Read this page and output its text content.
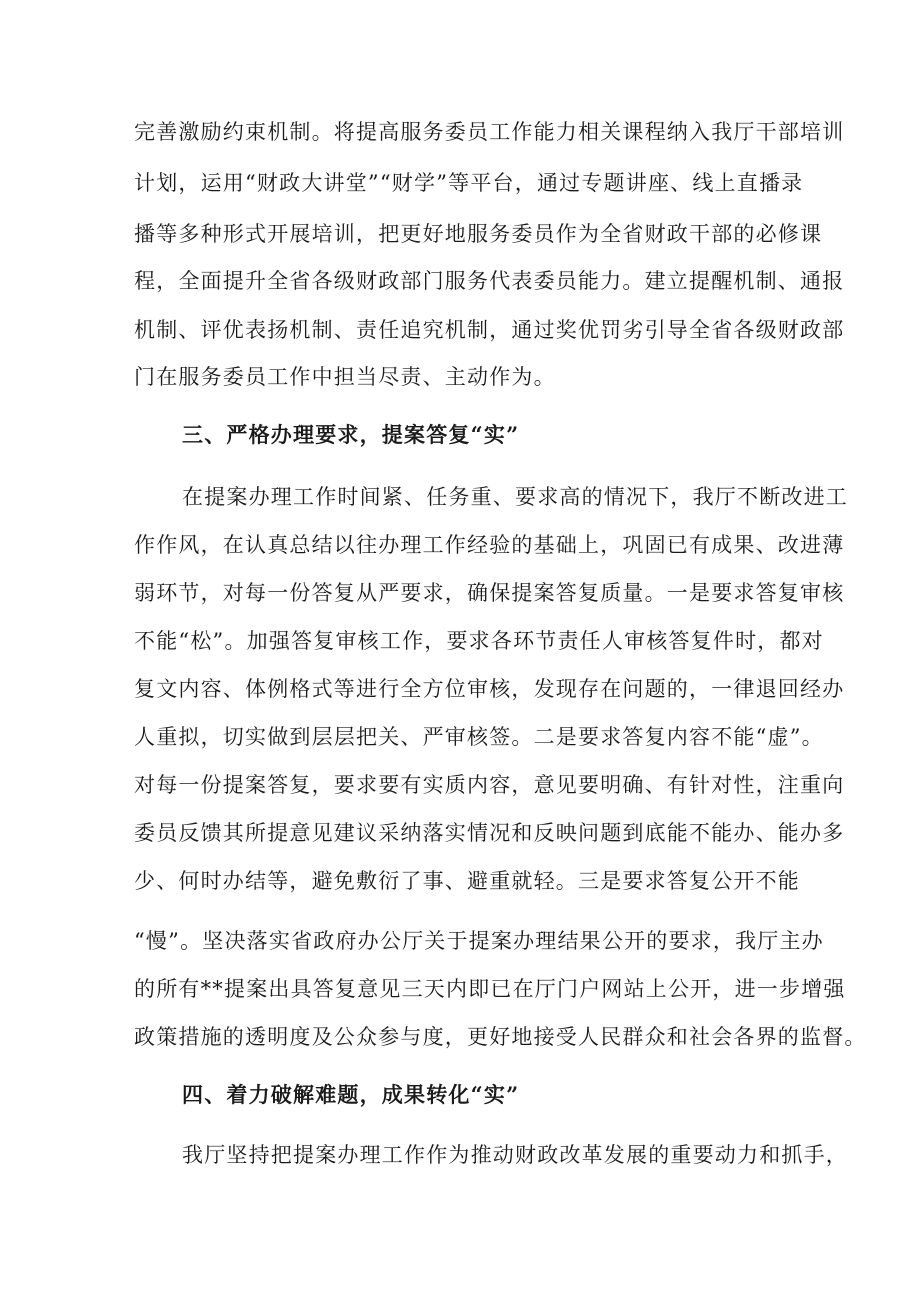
完善激励约束机制。将提高服务委员工作能力相关课程纳入我厅干部培训
计划，运用“财政大讲堂”“财学”等平台，通过专题讲座、线上直播录
播等多种形式开展培训，把更好地服务委员作为全省财政干部的必修课
程，全面提升全省各级财政部门服务代表委员能力。建立提醒机制、通报
机制、评优表扬机制、责任追究机制，通过奖优罚劣引导全省各级财政部
门在服务委员工作中担当尽责、主动作为。
三、严格办理要求，提案答复“实”
在提案办理工作时间紧、任务重、要求高的情况下，我厅不断改进工
作作风，在认真总结以往办理工作经验的基础上，巩固已有成果、改进薄
弱环节，对每一份答复从严要求，确保提案答复质量。一是要求答复审核
不能“松”。加强答复审核工作，要求各环节责任人审核答复件时，都对
复文内容、体例格式等进行全方位审核，发现存在问题的，一律退回经办
人重拟，切实做到层层把关、严审核签。二是要求答复内容不能“虚”。
对每一份提案答复，要求要有实质内容，意见要明确、有针对性，注重向
委员反馈其所提意见建议采纳落实情况和反映问题到底能不能办、能办多
少、何时办结等，避免敷衍了事、避重就轻。三是要求答复公开不能
“慢”。坚决落实省政府办公厅关于提案办理结果公开的要求，我厅主办
的所有**提案出具答复意见三天内即已在厅门户网站上公开，进一步增强
政策措施的透明度及公众参与度，更好地接受人民群众和社会各界的监督。
四、着力破解难题，成果转化“实”
我厅坚持把提案办理工作作为推动财政改革发展的重要动力和抓手，
